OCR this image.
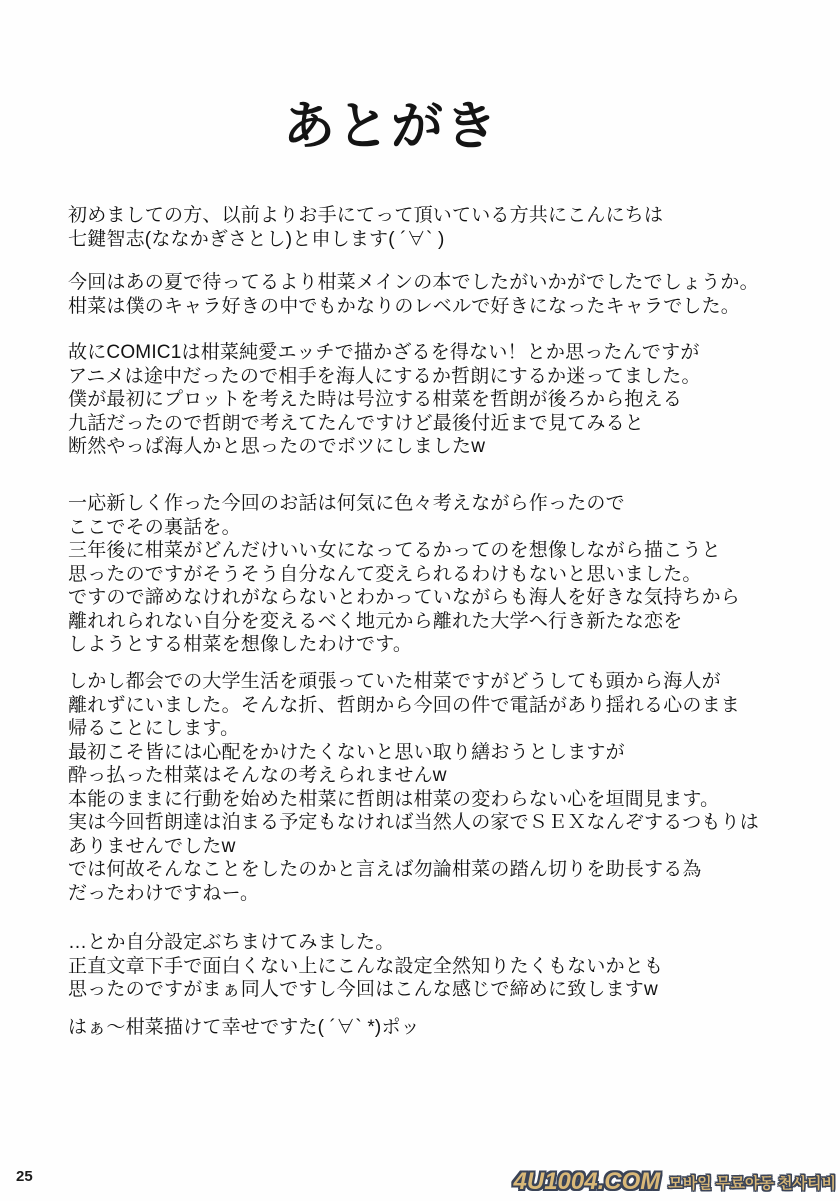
あとがき
初めましての方、以前よりお手にてって頂いている方共にこんにちは
七鍵智志(ななかぎさとし)と申します( ´∀` )
今回はあの夏で待ってるより柑菜メインの本でしたがいかがでしたでしょうか。
柑菜は僕のキャラ好きの中でもかなりのレベルで好きになったキャラでした。
故にCOMIC1は柑菜純愛エッチで描かざるを得ない！とか思ったんですが
アニメは途中だったので相手を海人にするか哲朗にするか迷ってました。
僕が最初にプロットを考えた時は号泣する柑菜を哲朗が後ろから抱える
九話だったので哲朗で考えてたんですけど最後付近まで見てみると
断然やっぱ海人かと思ったのでボツにしましたw
一応新しく作った今回のお話は何気に色々考えながら作ったので
ここでその裏話を。
三年後に柑菜がどんだけいい女になってるかってのを想像しながら描こうと
思ったのですがそうそう自分なんて変えられるわけもないと思いました。
ですので諦めなけれがならないとわかっていながらも海人を好きな気持ちから
離れれられない自分を変えるべく地元から離れた大学へ行き新たな恋を
しようとする柑菜を想像したわけです。
しかし都会での大学生活を頑張っていた柑菜ですがどうしても頭から海人が
離れずにいました。そんな折、哲朗から今回の件で電話があり揺れる心のまま
帰ることにします。
最初こそ皆には心配をかけたくないと思い取り繕おうとしますが
酔っ払った柑菜はそんなの考えられませんw
本能のままに行動を始めた柑菜に哲朗は柑菜の変わらない心を垣間見ます。
実は今回哲朗達は泊まる予定もなければ当然人の家でＳＥＸなんぞするつもりは
ありませんでしたw
では何故そんなことをしたのかと言えば勿論柑菜の踏ん切りを助長する為
だったわけですねー。
…とか自分設定ぶちまけてみました。
正直文章下手で面白くない上にこんな設定全然知りたくもないかとも
思ったのですがまぁ同人ですし今回はこんな感じで締めに致しますw
はぁ～柑菜描けて幸せですた( ´∀` *)ポッ
25	4U1004.COM 모바일 무료야동 천사티비
